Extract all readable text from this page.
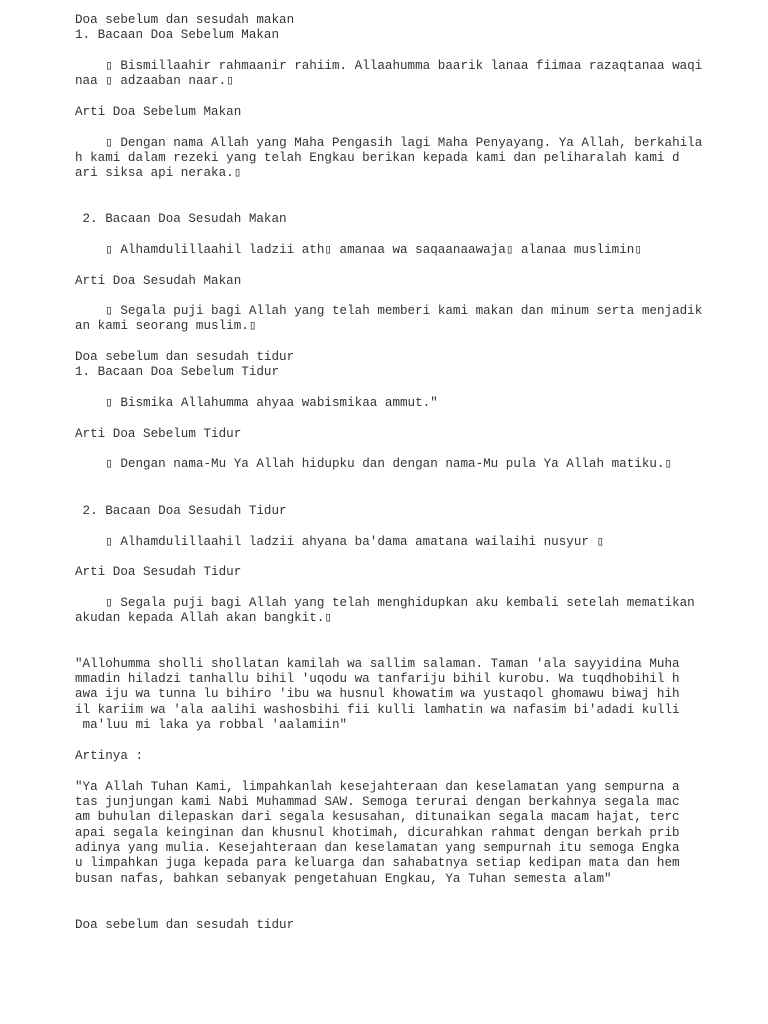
Doa sebelum dan sesudah makan
1. Bacaan Doa Sebelum Makan
▯ Bismillaahir rahmaanir rahiim. Allaahumma baarik lanaa fiimaa razaqtanaa waqi
naa ▯ adzaaban naar.▯
Arti Doa Sebelum Makan
▯ Dengan nama Allah yang Maha Pengasih lagi Maha Penyayang. Ya Allah, berkahila
h kami dalam rezeki yang telah Engkau berikan kepada kami dan peliharalah kami d
ari siksa api neraka.▯
2. Bacaan Doa Sesudah Makan
▯ Alhamdulillaahil ladzii ath▯ amanaa wa saqaanaawaja▯ alanaa muslimin▯
Arti Doa Sesudah Makan
▯ Segala puji bagi Allah yang telah memberi kami makan dan minum serta menjadik
an kami seorang muslim.▯
Doa sebelum dan sesudah tidur
1. Bacaan Doa Sebelum Tidur
▯ Bismika Allahumma ahyaa wabismikaa ammut."
Arti Doa Sebelum Tidur
▯ Dengan nama-Mu Ya Allah hidupku dan dengan nama-Mu pula Ya Allah matiku.▯
2. Bacaan Doa Sesudah Tidur
▯ Alhamdulillaahil ladzii ahyana ba'dama amatana wailaihi nusyur ▯
Arti Doa Sesudah Tidur
▯ Segala puji bagi Allah yang telah menghidupkan aku kembali setelah mematikan
akudan kepada Allah akan bangkit.▯
"Allohumma sholli shollatan kamilah wa sallim salaman. Taman 'ala sayyidina Muha
mmadin hiladzi tanhallu bihil 'uqodu wa tanfariju bihil kurobu. Wa tuqdhobihil h
awa iju wa tunna lu bihiro 'ibu wa husnul khowatim wa yustaqol ghomawu biwaj hih
il kariim wa 'ala aalihi washosbihi fii kulli lamhatin wa nafasim bi'adadi kulli
ma'luu mi laka ya robbal 'aalamiin"
Artinya :
"Ya Allah Tuhan Kami, limpahkanlah kesejahteraan dan keselamatan yang sempurna a
tas junjungan kami Nabi Muhammad SAW. Semoga terurai dengan berkahnya segala mac
am buhulan dilepaskan dari segala kesusahan, ditunaikan segala macam hajat, terc
apai segala keinginan dan khusnul khotimah, dicurahkan rahmat dengan berkah prib
adinya yang mulia. Kesejahteraan dan keselamatan yang sempurnah itu semoga Engka
u limpahkan juga kepada para keluarga dan sahabatnya setiap kedipan mata dan hem
busan nafas, bahkan sebanyak pengetahuan Engkau, Ya Tuhan semesta alam"
Doa sebelum dan sesudah tidur
